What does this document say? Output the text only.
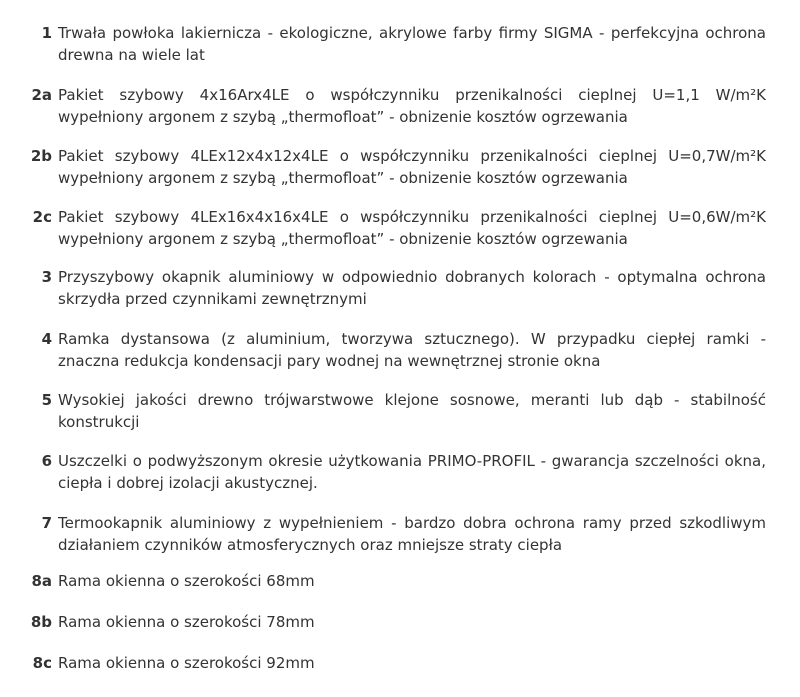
1 Trwała powłoka lakiernicza - ekologiczne, akrylowe farby firmy SIGMA - perfekcyjna ochrona drewna na wiele lat
2a Pakiet szybowy 4x16Arx4LE o współczynniku przenikalności cieplnej U=1,1 W/m²K wypełniony argonem z szybą „thermofloat” - obnizenie kosztów ogrzewania
2b Pakiet szybowy 4LEx12x4x12x4LE o współczynniku przenikalności cieplnej U=0,7W/m²K wypełniony argonem z szybą „thermofloat” - obnizenie kosztów ogrzewania
2c Pakiet szybowy 4LEx16x4x16x4LE o współczynniku przenikalności cieplnej U=0,6W/m²K wypełniony argonem z szybą „thermofloat” - obnizenie kosztów ogrzewania
3 Przyszybowy okapnik aluminiowy w odpowiednio dobranych kolorach - optymalna ochrona skrzydła przed czynnikami zewnętrznymi
4 Ramka dystansowa (z aluminium, tworzywa sztucznego). W przypadku ciepłej ramki - znaczna redukcja kondensacji pary wodnej na wewnętrznej stronie okna
5 Wysokiej jakości drewno trójwarstwowe klejone sosnowe, meranti lub dąb - stabilność konstrukcji
6 Uszczelki o podwyższonym okresie użytkowania PRIMO-PROFIL - gwarancja szczelności okna, ciepła i dobrej izolacji akustycznej.
7 Termookapnik aluminiowy z wypełnieniem - bardzo dobra ochrona ramy przed szkodliwym działaniem czynników atmosferycznych oraz mniejsze straty ciepła
8a Rama okienna o szerokości 68mm
8b Rama okienna o szerokości 78mm
8c Rama okienna o szerokości 92mm
